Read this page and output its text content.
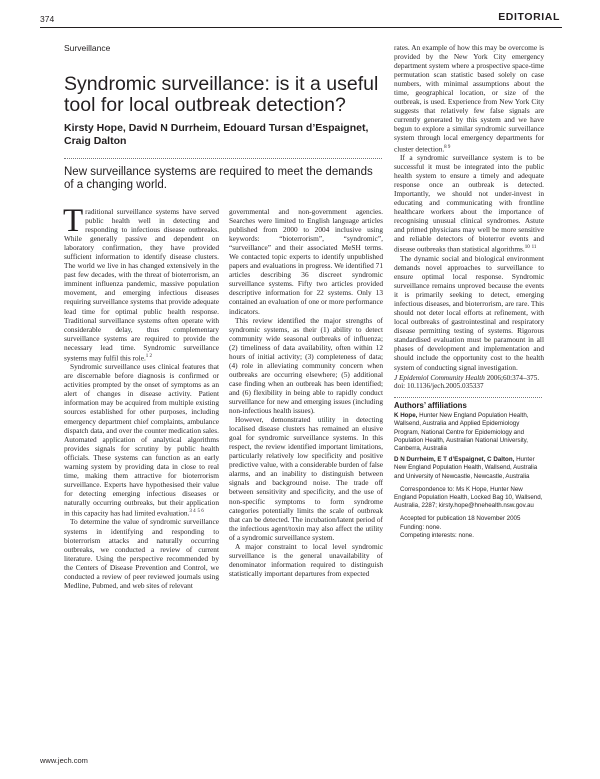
374	EDITORIAL
Surveillance
Syndromic surveillance: is it a useful tool for local outbreak detection?
Kirsty Hope, David N Durrheim, Edouard Tursan d’Espaignet, Craig Dalton
New surveillance systems are required to meet the demands of a changing world.

Traditional surveillance systems have served public health well in detecting and responding to infectious disease outbreaks. While generally passive and dependent on laboratory confirmation, they have provided sufficient information to identify disease clusters. The world we live in has changed extensively in the past few decades, with the threat of bioterrorism, an imminent influenza pandemic, massive population movement, and emerging infectious diseases requiring surveillance systems that provide adequate lead time for optimal public health response. Traditional surveillance systems often operate with considerable delay, thus complementary surveillance systems are required to provide the necessary lead time. Syndromic surveillance systems may fulfil this role.$^{1 2}$

Syndromic surveillance uses clinical features that are discernable before diagnosis is confirmed or activities prompted by the onset of symptoms as an alert of changes in disease activity. Patient information may be acquired from multiple existing sources established for other purposes, including emergency department chief complaints, ambulance dispatch data, and over the counter medication sales. Automated application of analytical algorithms provides signals for scrutiny by public health officials. These systems can function as an early warning system by providing data in close to real time, making them attractive for bioterrorism surveillance. Experts have hypothesised their value for detecting emerging infectious diseases or naturally occurring outbreaks, but their application in this capacity has had limited evaluation.$^{3 4}$ $^{5 6}$

To determine the value of syndromic surveillance systems in identifying and responding to bioterrorism attacks and naturally occurring outbreaks, we conducted a review of current literature. Using the perspective recommended by the Centers of Disease Prevention and Control, we conducted a review of peer reviewed journals using Medline, Pubmed, and web sites of relevant

governmental and non-government agencies. Searches were limited to English language articles published from 2000 to 2004 inclusive using keywords: “bioterrorism”, “syndromic”, “surveillance” and their associated MeSH terms. We contacted topic experts to identify unpublished papers and evaluations in progress. We identified 71 articles describing 36 discreet syndromic surveillance systems. Fifty two articles provided descriptive information for 22 systems. Only 13 contained an evaluation of one or more performance indicators.

This review identified the major strengths of syndromic systems, as their (1) ability to detect community wide seasonal outbreaks of influenza; (2) timeliness of data availability, often within 12 hours of initial activity; (3) completeness of data; (4) role in alleviating community concern when outbreaks are occurring elsewhere; (5) additional case finding when an outbreak has been identified; and (6) flexibility in being able to rapidly conduct surveillance for new and emerging issues (including non-infectious health issues).

However, demonstrated utility in detecting localised disease clusters has remained an elusive goal for syndromic surveillance systems. In this respect, the review identified important limitations, particularly relatively low specificity and positive predictive value, with a considerable burden of false alarms, and an inability to distinguish between signals and background noise. The trade off between sensitivity and specificity, and the use of non-specific symptoms to form syndrome categories potentially limits the scale of outbreak that can be detected. The incubation/latent period of the infectious agent/toxin may also affect the utility of a syndromic surveillance system.

A major constraint to local level syndromic surveillance is the general unavailability of denominator information required to distinguish statistically important departures from expected

rates. An example of how this may be overcome is provided by the New York City emergency department system where a prospective space-time permutation scan statistic based solely on case numbers, with minimal assumptions about the time, geographical location, or size of the outbreak, is used. Experience from New York City suggests that relatively few false signals are currently generated by this system and we have begun to explore a similar syndromic surveillance system through local emergency departments for cluster detection.$^{8 9}$

If a syndromic surveillance system is to be successful it must be integrated into the public health system to ensure a timely and adequate response once an outbreak is detected. Importantly, we should not under-invest in educating and communicating with frontline healthcare workers about the importance of recognising unusual clinical syndromes. Astute and primed physicians may well be more sensitive and reliable detectors of bioterror events and disease outbreaks than statistical algorithms.$^{10}$ $^{11}$

The dynamic social and biological environment demands novel approaches to surveillance to ensure optimal local response. Syndromic surveillance remains unproved because the events it is primarily seeking to detect, emerging infectious diseases, and bioterrorism, are rare. This should not deter local efforts at refinement, with local outbreaks of gastrointestinal and respiratory disease permitting testing of systems. Rigorous standardised evaluation must be paramount in all phases of development and implementation and should include the opportunity cost to the health system of conducting signal investigation.

J Epidemiol Community Health 2006;60:374–375.
doi: 10.1136/jech.2005.035337
Authors’ affiliations

K Hope, Hunter New England Population Health, Wallsend, Australia and Applied Epidemiology Program, National Centre for Epidemiology and Population Health, Australian National University, Canberra, Australia

D N Durrheim, E T d’Espaignet, C Dalton, Hunter New England Population Health, Wallsend, Australia and University of Newcastle, Newcastle, Australia

Correspondence to: Ms K Hope, Hunter New England Population Health, Locked Bag 10, Wallsend, Australia, 2287; kirsty.hope@hnehealth.nsw.gov.au

Accepted for publication 18 November 2005

Funding: none.

Competing interests: none.

www.jech.com
